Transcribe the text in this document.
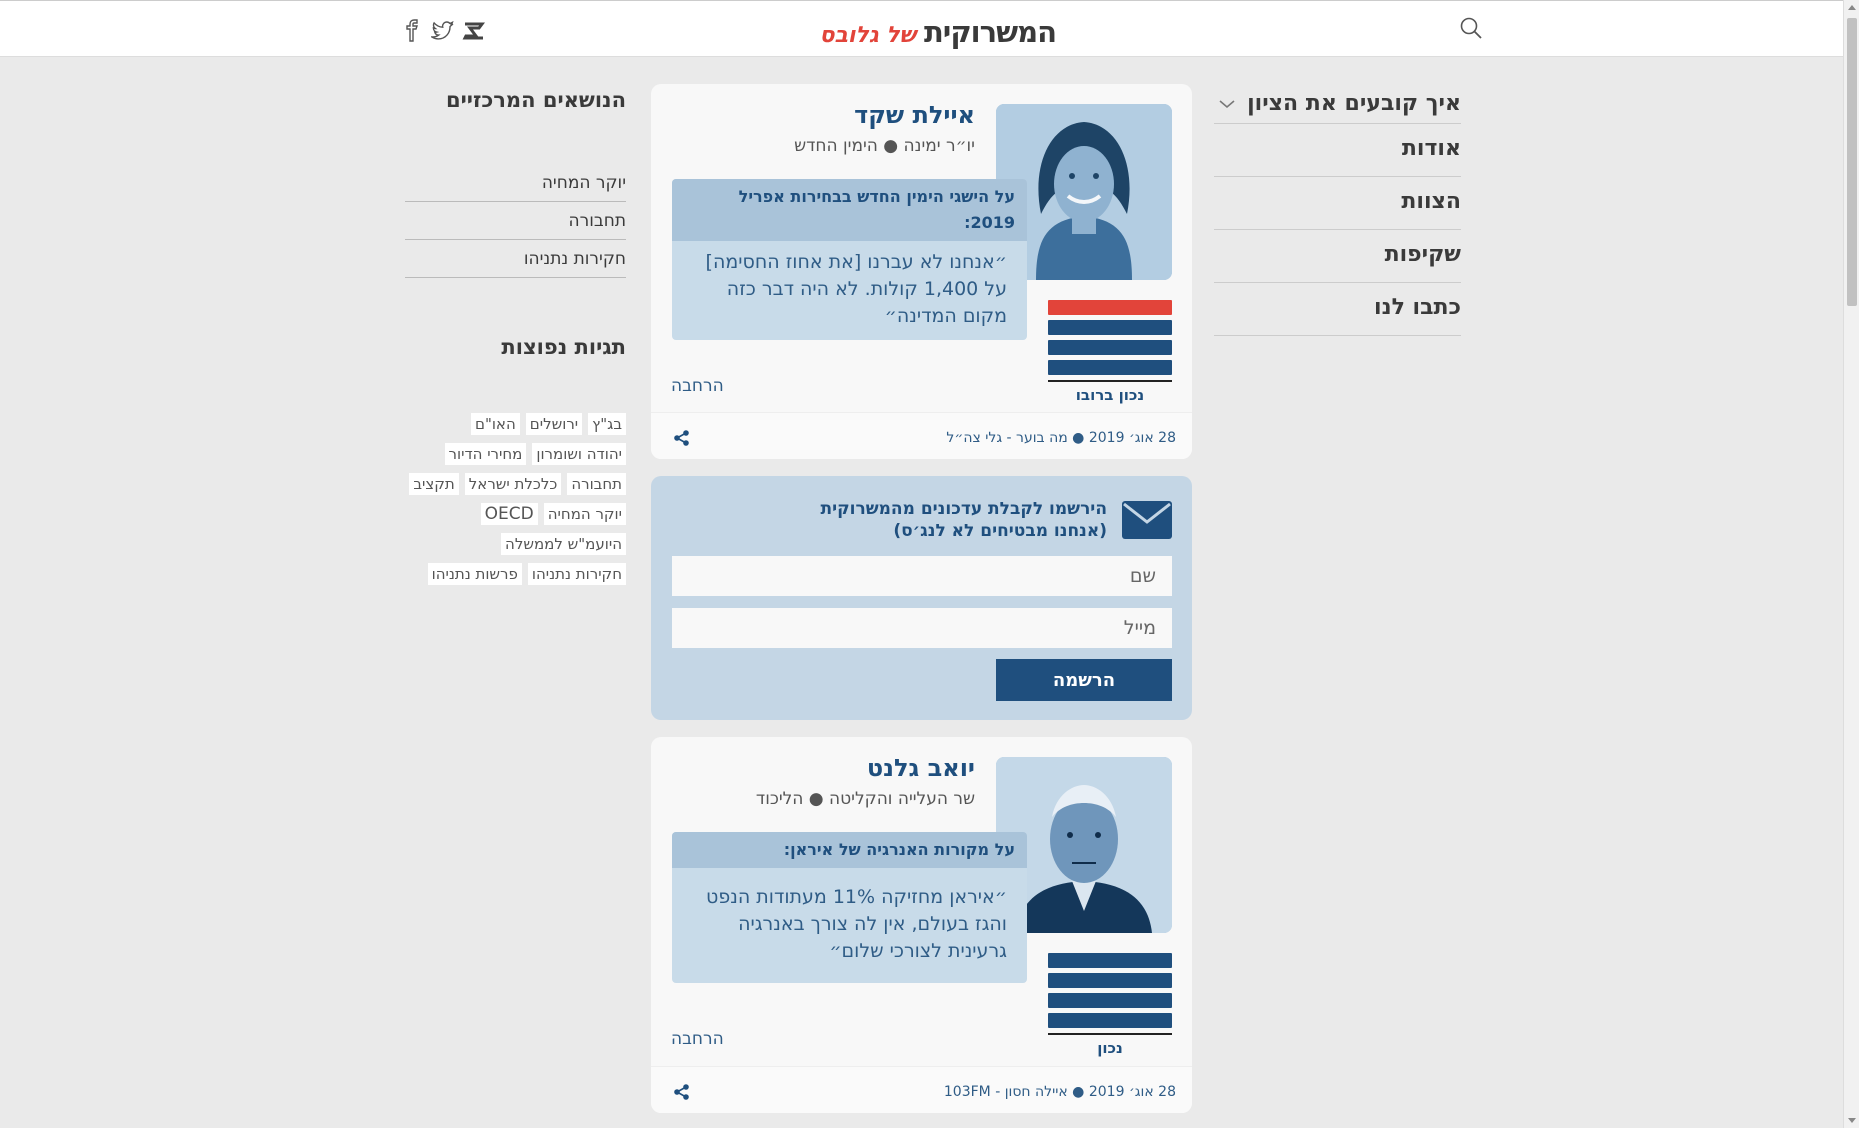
המשרוקיתשל גלובס
איך קובעים את הציון
אודות
הצוות
שקיפות
כתבו לנו
הנושאים המרכזיים
יוקר המחיה
תחבורה
חקירות נתניהו
תגיות נפוצות
בג"ץ
ירושלים
האו"ם
יהודה ושומרון
מחירי הדיור
תחבורה
כלכלת ישראל
תקציב
יוקר המחיה
OECD
היועמ"ש לממשלה
חקירות נתניהו
פרשות נתניהו
איילת שקד
יו״ר ימינה ● הימין החדש
על הישגי הימין החדש בבחירות אפריל 2019:
״אנחנו לא עברנו [את אחוז החסימה] על 1,400 קולות. לא היה דבר כזה מקום המדינה״
נכון ברובו
הרחבה
28 אוג׳ 2019 ● מה בוער - גלי צה״ל
הירשמו לקבלת עדכונים מהמשרוקית
(אנחנו מבטיחים לא לנג׳ס)
שם
מייל
הרשמה
יואב גלנט
שר העלייה והקליטה ● הליכוד
על מקורות האנרגיה של איראן:
״איראן מחזיקה 11% מעתודות הנפט והגז בעולם, אין לה צורך באנרגיה גרעינית לצורכי שלום״
נכון
הרחבה
28 אוג׳ 2019 ● איילה חסון - 103FM
